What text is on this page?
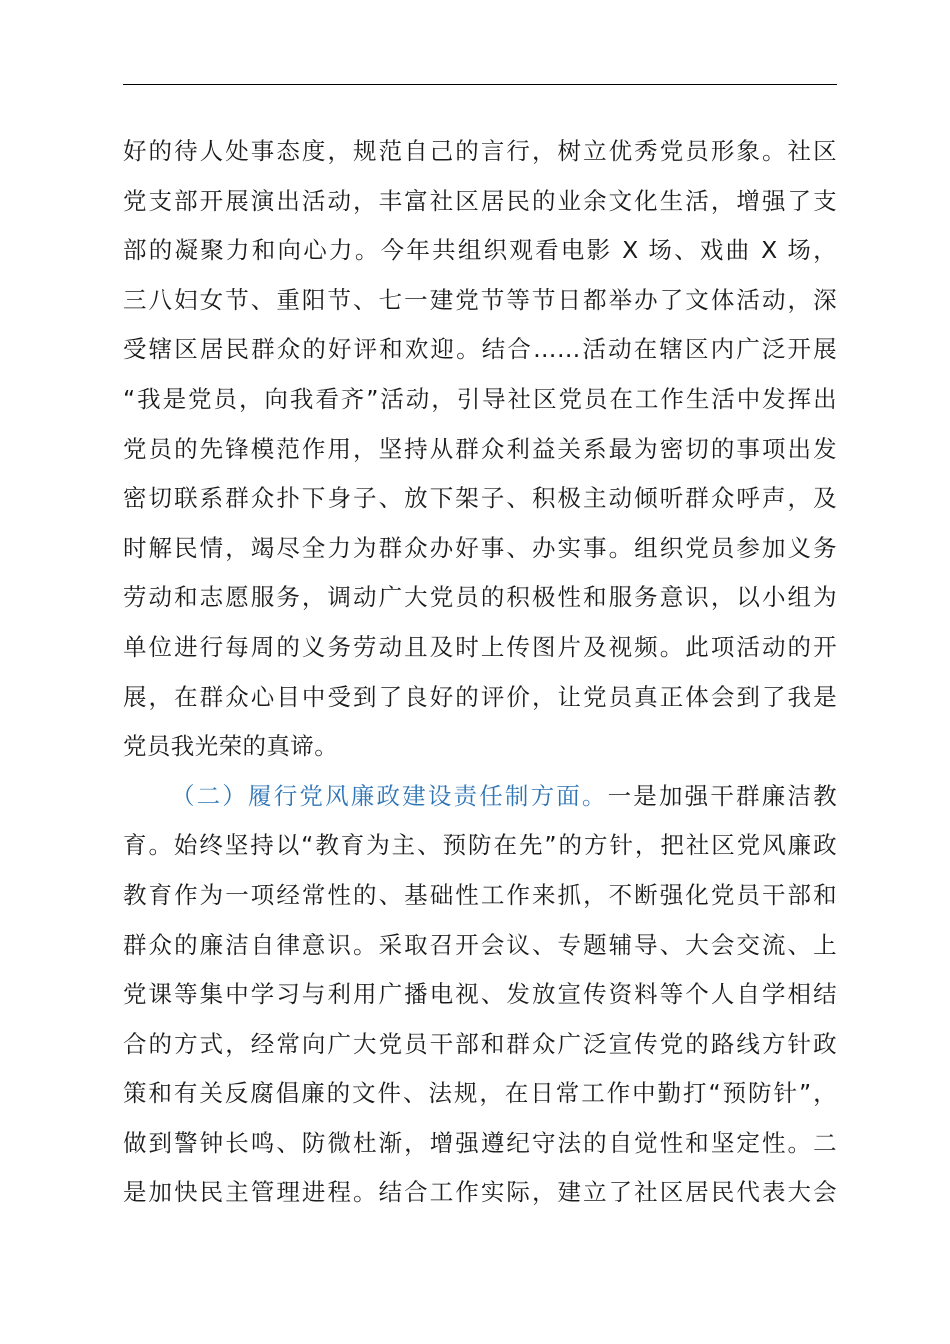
好的待人处事态度，规范自己的言行，树立优秀党员形象。社区
党支部开展演出活动，丰富社区居民的业余文化生活，增强了支
部的凝聚力和向心力。今年共组织观看电影 X 场、戏曲 X 场，
三八妇女节、重阳节、七一建党节等节日都举办了文体活动，深
受辖区居民群众的好评和欢迎。结合……活动在辖区内广泛开展
“我是党员，向我看齐”活动，引导社区党员在工作生活中发挥出
党员的先锋模范作用，坚持从群众利益关系最为密切的事项出发
密切联系群众扑下身子、放下架子、积极主动倾听群众呼声，及
时解民情，竭尽全力为群众办好事、办实事。组织党员参加义务
劳动和志愿服务，调动广大党员的积极性和服务意识，以小组为
单位进行每周的义务劳动且及时上传图片及视频。此项活动的开
展，在群众心目中受到了良好的评价，让党员真正体会到了我是
党员我光荣的真谛。
（二）履行党风廉政建设责任制方面。一是加强干群廉洁教
育。始终坚持以“教育为主、预防在先”的方针，把社区党风廉政
教育作为一项经常性的、基础性工作来抓，不断强化党员干部和
群众的廉洁自律意识。采取召开会议、专题辅导、大会交流、上
党课等集中学习与利用广播电视、发放宣传资料等个人自学相结
合的方式，经常向广大党员干部和群众广泛宣传党的路线方针政
策和有关反腐倡廉的文件、法规，在日常工作中勤打“预防针”，
做到警钟长鸣、防微杜渐，增强遵纪守法的自觉性和坚定性。二
是加快民主管理进程。结合工作实际，建立了社区居民代表大会
